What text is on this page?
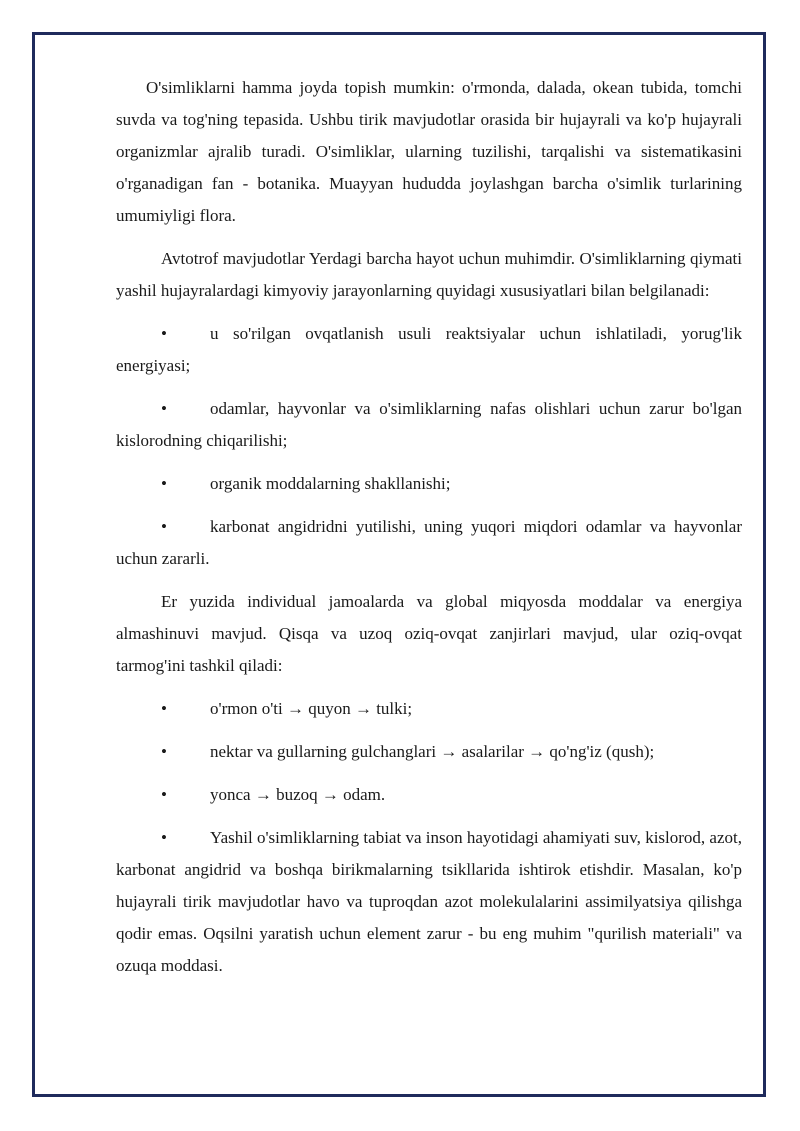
O'simliklarni hamma joyda topish mumkin: o'rmonda, dalada, okean tubida, tomchi suvda va tog'ning tepasida. Ushbu tirik mavjudotlar orasida bir hujayrali va ko'p hujayrali organizmlar ajralib turadi. O'simliklar, ularning tuzilishi, tarqalishi va sistematikasini o'rganadigan fan - botanika. Muayyan hududda joylashgan barcha o'simlik turlarining umumiyligi flora.

Avtotrof mavjudotlar Yerdagi barcha hayot uchun muhimdir. O'simliklarning qiymati yashil hujayralardagi kimyoviy jarayonlarning quyidagi xususiyatlari bilan belgilanadi:

•	u so'rilgan ovqatlanish usuli reaktsiyalar uchun ishlatiladi, yorug'lik energiyasi;

•	odamlar, hayvonlar va o'simliklarning nafas olishlari uchun zarur bo'lgan kislorodning chiqarilishi;

•	organik moddalarning shakllanishi;

•	karbonat angidridni yutilishi, uning yuqori miqdori odamlar va hayvonlar uchun zararli.

Er yuzida individual jamoalarda va global miqyosda moddalar va energiya almashinuvi mavjud. Qisqa va uzoq oziq-ovqat zanjirlari mavjud, ular oziq-ovqat tarmog'ini tashkil qiladi:

•	o'rmon o'ti → quyon → tulki;

•	nektar va gullarning gulchanglari → asalarilar → qo'ng'iz (qush);

•	yonca → buzoq → odam.

•	Yashil o'simliklarning tabiat va inson hayotidagi ahamiyati suv, kislorod, azot, karbonat angidrid va boshqa birikmalarning tsikllarida ishtirok etishdir. Masalan, ko'p hujayrali tirik mavjudotlar havo va tuproqdan azot molekulalarini assimilyatsiya qilishga qodir emas. Oqsilni yaratish uchun element zarur - bu eng muhim "qurilish materiali" va ozuqa moddasi.
